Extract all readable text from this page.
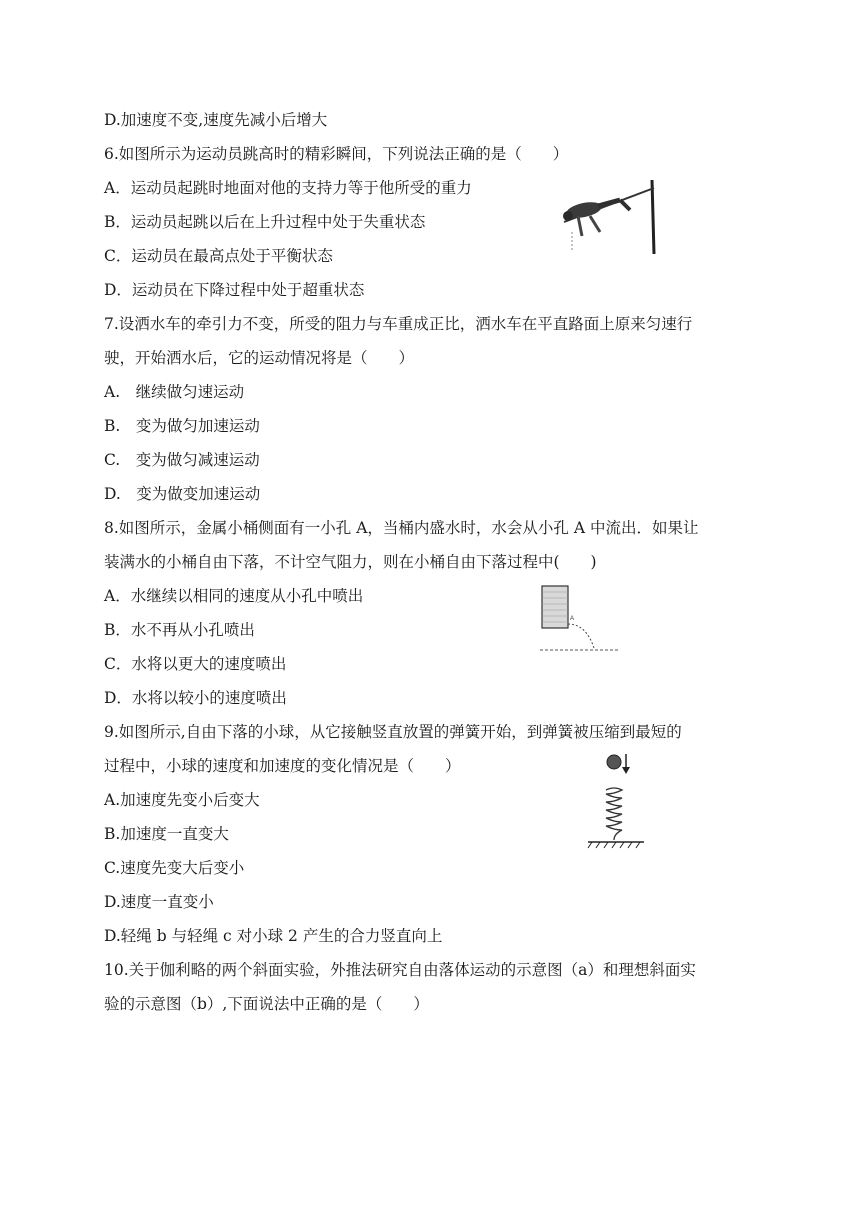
D.加速度不变,速度先减小后增大
6.如图所示为运动员跳高时的精彩瞬间，下列说法正确的是（　　）
A．运动员起跳时地面对他的支持力等于他所受的重力
B．运动员起跳以后在上升过程中处于失重状态
C．运动员在最高点处于平衡状态
D．运动员在下降过程中处于超重状态
7.设洒水车的牵引力不变，所受的阻力与车重成正比，洒水车在平直路面上原来匀速行
驶，开始洒水后，它的运动情况将是（　　）
A.　继续做匀速运动
B.　变为做匀加速运动
C.　变为做匀减速运动
D.　变为做变加速运动
8.如图所示，金属小桶侧面有一小孔 A，当桶内盛水时，水会从小孔 A 中流出．如果让
装满水的小桶自由下落，不计空气阻力，则在小桶自由下落过程中(　　)
A．水继续以相同的速度从小孔中喷出
B．水不再从小孔喷出
C．水将以更大的速度喷出
D．水将以较小的速度喷出
A
9.如图所示,自由下落的小球，从它接触竖直放置的弹簧开始，到弹簧被压缩到最短的
过程中，小球的速度和加速度的变化情况是（　　）
A.加速度先变小后变大
B.加速度一直变大
C.速度先变大后变小
D.速度一直变小
D.轻绳 b 与轻绳 c 对小球 2 产生的合力竖直向上
10.关于伽利略的两个斜面实验，外推法研究自由落体运动的示意图（a）和理想斜面实
验的示意图（b）,下面说法中正确的是（　　）
